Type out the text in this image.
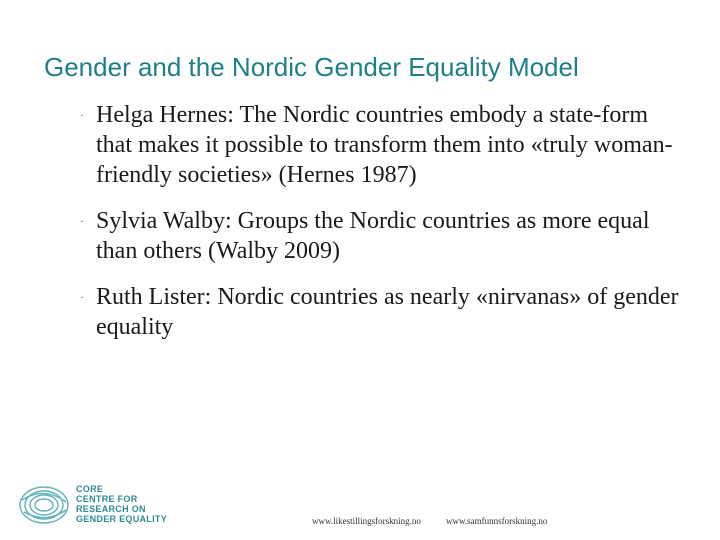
Gender and the Nordic Gender Equality Model
· Helga Hernes: The Nordic countries embody a state-form that makes it possible to transform them into «truly woman-friendly societies» (Hernes 1987)
· Sylvia Walby: Groups the Nordic countries as more equal than others (Walby 2009)
· Ruth Lister: Nordic countries as nearly «nirvanas» of gender equality
CORE
CENTRE FOR
RESEARCH ON
GENDER EQUALITY	www.likestillingsforskning.no	www.samfunnsforskning.no
